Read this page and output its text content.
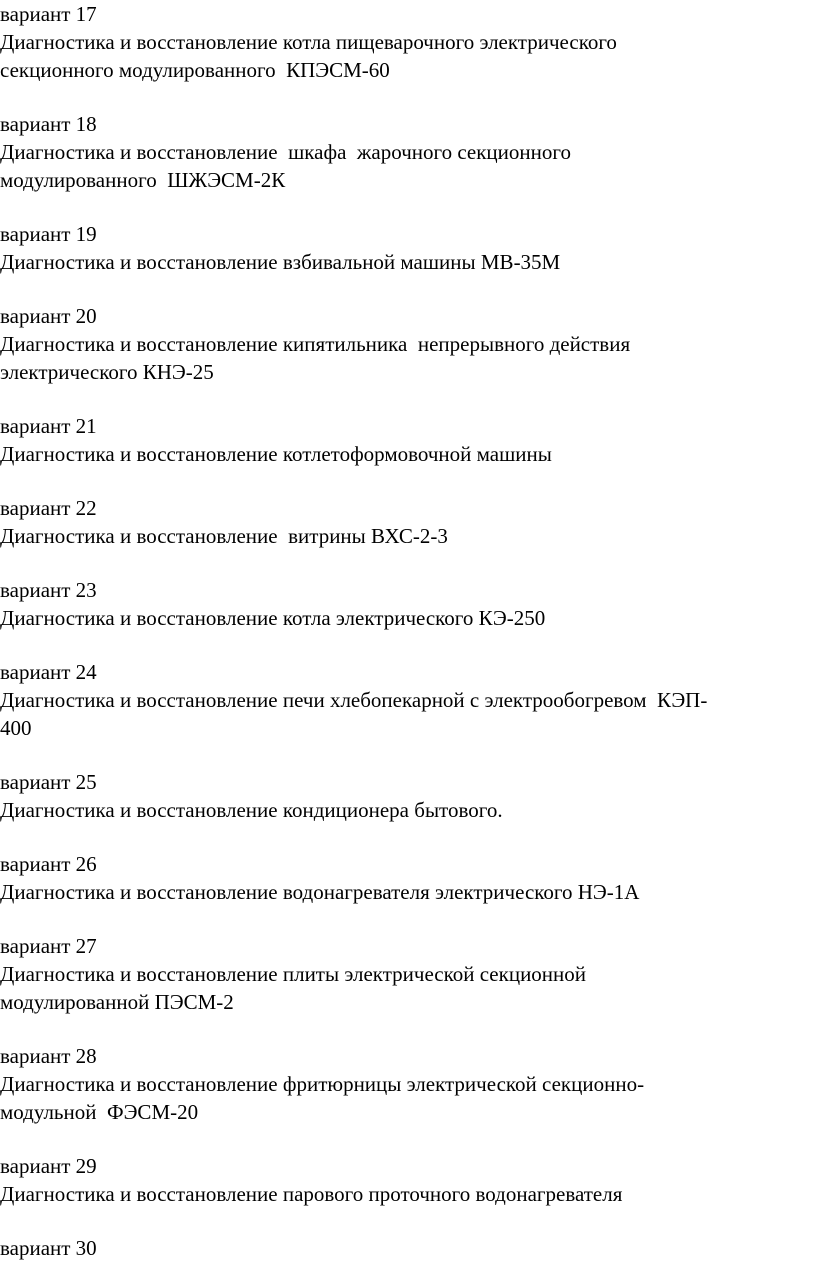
вариант 17
Диагностика и восстановление котла пищеварочного электрического
секционного модулированного  КПЭСМ-60
вариант 18
Диагностика и восстановление  шкафа  жарочного секционного
модулированного  ШЖЭСМ-2К
вариант 19
Диагностика и восстановление взбивальной машины МВ-35М
вариант 20
Диагностика и восстановление кипятильника  непрерывного действия
электрического КНЭ-25
вариант 21
Диагностика и восстановление котлетоформовочной машины
вариант 22
Диагностика и восстановление  витрины ВХС-2-3
вариант 23
Диагностика и восстановление котла электрического КЭ-250
вариант 24
Диагностика и восстановление печи хлебопекарной с электрообогревом  КЭП-
400
вариант 25
Диагностика и восстановление кондиционера бытового.
вариант 26
Диагностика и восстановление водонагревателя электрического НЭ-1А
вариант 27
Диагностика и восстановление плиты электрической секционной
модулированной ПЭСМ-2
вариант 28
Диагностика и восстановление фритюрницы электрической секционно-
модульной  ФЭСМ-20
вариант 29
Диагностика и восстановление парового проточного водонагревателя
вариант 30
